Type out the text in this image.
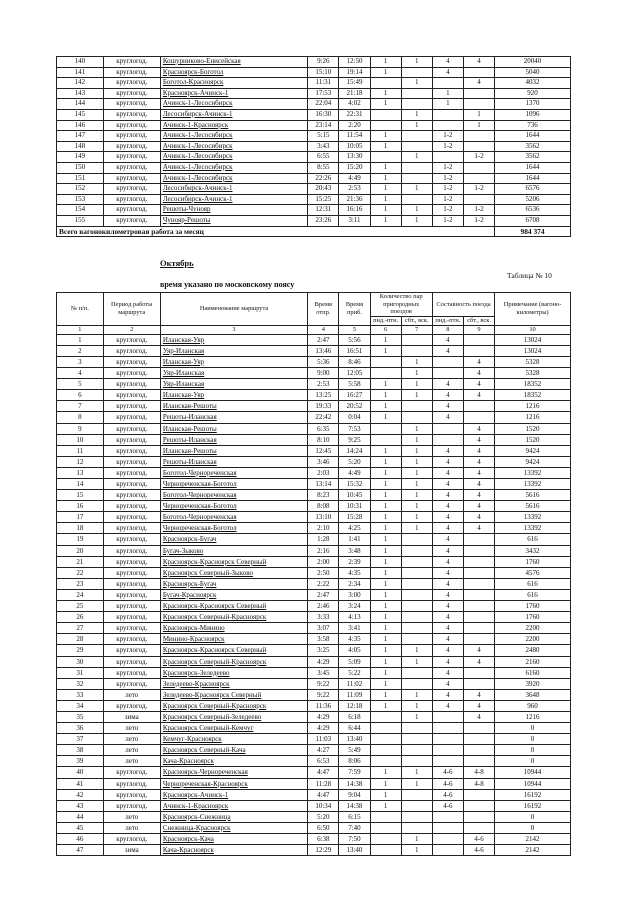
140	круглогод.	Кошурниково-Енисейская	9:26	12:50	1	1	4	4	20040
141	круглогод.	Красноярск-Боготол	15:10	19:14	1		4		5040
142	круглогод.	Боготол-Красноярск	11:31	15:49		1		4	4032
143	круглогод.	Красноярск-Ачинск-1	17:53	21:18	1		1		920
144	круглогод.	Ачинск-1-Лесосибирск	22:04	4:02	1		1		1370
145	круглогод.	Лесосибирск-Ачинск-1	16:30	22:31		1		1	1096
146	круглогод.	Ачинск-1-Красноярск	23:14	2:20		1		1	736
147	круглогод.	Ачинск-1-Лесосибирск	5:15	11:54	1		1-2		1644
148	круглогод.	Ачинск-1-Лесосибирск	3:43	10:05	1		1-2		3562
149	круглогод.	Ачинск-1-Лесосибирск	6:55	13:30		1		1-2	3562
150	круглогод.	Ачинск-1-Лесосибирск	8:55	15:20	1		1-2		1644
151	круглогод.	Ачинск-1-Лесосибирск	22:26	4:49	1		1-2		1644
152	круглогод.	Лесосибирск-Ачинск-1	20:43	2:53	1	1	1-2	1-2	6576
153	круглогод.	Лесосибирск-Ачинск-1	15:25	21:36	1		1-2		5206
154	круглогод.	Решоты-Чунояр	12:31	16:16	1	1	1-2	1-2	6536
155	круглогод.	Чунояр-Решоты	23:26	3:11	1	1	1-2	1-2	6708
Всего вагонокилометровая работа за месяц									984 374
Октябрь
Таблица № 10
время указано по московскому поясу
№ п/п.	Период работы маршрута	Наименование маршрута	Время отпр.	Время приб.	Количество пар пригородных поездов		Составность поезда		Примечание (вагоно-километры)
					пнд.-птн.	сбт., вск.	пнд.-птн.	сбт., вск.	
1	2	3	4	5	6	7	8	9	10
1	круглогод.	Иланская-Уяр	2:47	5:56	1		4		13024
2	круглогод.	Уяр-Иланская	13:46	16:51	1		4		13024
3	круглогод.	Иланская-Уяр	5:36	8:46		1		4	5328
4	круглогод.	Уяр-Иланская	9:00	12:05		1		4	5328
5	круглогод.	Уяр-Иланская	2:53	5:58	1	1	4	4	18352
6	круглогод.	Иланская-Уяр	13:25	16:27	1	1	4	4	18352
7	круглогод.	Иланская-Решоты	19:33	20:52	1		4		1216
8	круглогод.	Решоты-Иланская	22:42	0:04	1		4		1216
9	круглогод.	Иланская-Решоты	6:35	7:53		1		4	1520
10	круглогод.	Решоты-Иланская	8:10	9:25		1		4	1520
11	круглогод.	Иланская-Решоты	12:45	14:24	1	1	4	4	9424
12	круглогод.	Решоты-Иланская	3:46	5:20	1	1	4	4	9424
13	круглогод.	Боготол-Чернореченская	2:03	4:49	1	1	4	4	13392
14	круглогод.	Чернореченская-Боготол	13:14	15:32	1	1	4	4	13392
15	круглогод.	Боготол-Чернореченская	8:23	10:45	1	1	4	4	5616
16	круглогод.	Чернореченская-Боготол	8:08	10:31	1	1	4	4	5616
17	круглогод.	Боготол-Чернореченская	13:10	15:28	1	1	4	4	13392
18	круглогод.	Чернореченская-Боготол	2:10	4:25	1	1	4	4	13392
19	круглогод.	Красноярск-Бугач	1:28	1:41	1		4		616
20	круглогод.	Бугач-Зыково	2:16	3:48	1		4		3432
21	круглогод.	Красноярск-Красноярск Северный	2:00	2:39	1		4		1760
22	круглогод.	Красноярск Северный-Зыково	2:50	4:35	1		4		4576
23	круглогод.	Красноярск-Бугач	2:22	2:34	1		4		616
24	круглогод.	Бугач-Красноярск	2:47	3:00	1		4		616
25	круглогод.	Красноярск-Красноярск Северный	2:46	3:24	1		4		1760
26	круглогод.	Красноярск Северный-Красноярск	3:33	4:13	1		4		1760
27	круглогод.	Красноярск-Минино	3:07	3:41	1		4		2200
28	круглогод.	Минино-Красноярск	3:58	4:35	1		4		2200
29	круглогод.	Красноярск-Красноярск Северный	3:25	4:05	1	1	4	4	2480
30	круглогод.	Красноярск Северный-Красноярск	4:29	5:09	1	1	4	4	2160
31	круглогод.	Красноярск-Зеледеево	3:45	5:22	1		4		6160
32	круглогод.	Зеледеево-Красноярск	9:22	11:02	1		4		3920
33	лето	Зеледеево-Красноярск Северный	9:22	11:09	1	1	4	4	3648
34	круглогод.	Красноярск Северный-Красноярск	11:36	12:18	1	1	4	4	960
35	зима	Красноярск Северный-Зеледеево	4:29	6:18		1		4	1216
36	лето	Красноярск Северный-Кемчуг	4:29	6:44					0
37	лето	Кемчуг-Красноярск	11:03	13:40					0
38	лето	Красноярск Северный-Кача	4:27	5:49					0
39	лето	Кача-Красноярск	6:53	8:06					0
40	круглогод.	Красноярск-Чернореченская	4:47	7:59	1	1	4-6	4-8	10944
41	круглогод.	Чернореченская-Красноярск	11:28	14:38	1	1	4-6	4-8	10944
42	круглогод.	Красноярск-Ачинск-1	4:47	9:04	1		4-6		16192
43	круглогод.	Ачинск-1-Красноярск	10:34	14:38	1		4-6		16192
44	лето	Красноярск-Снежница	5:20	6:15					0
45	лето	Снежница-Красноярск	6:50	7:40					0
46	круглогод.	Красноярск-Кача	6:38	7:50		1		4-6	2142
47	зима	Кача-Красноярск	12:29	13:40		1		4-6	2142
